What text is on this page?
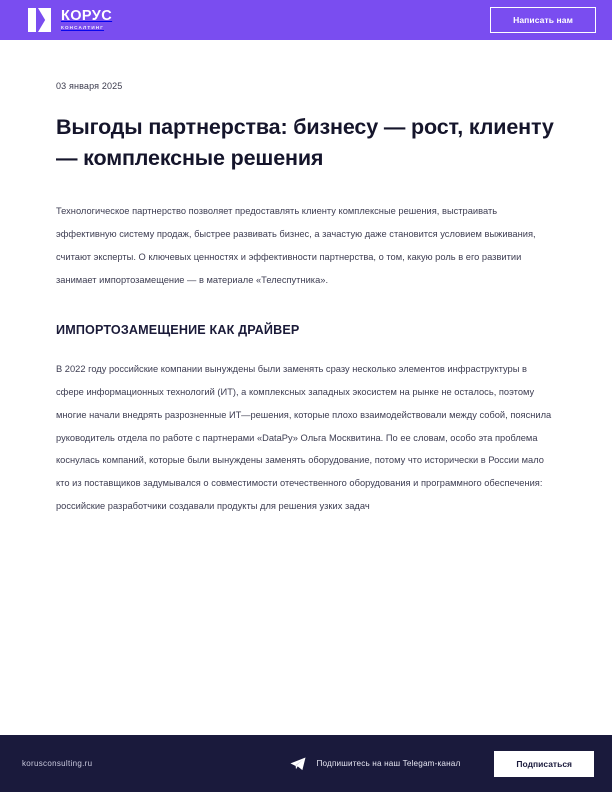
КОРУС
КОНСАЛТИНГ
Написать нам
03 января 2025
Выгоды партнерства: бизнесу — рост, клиенту — комплексные решения

Технологическое партнерство позволяет предоставлять клиенту комплексные решения, выстраивать эффективную систему продаж, быстрее развивать бизнес, а зачастую даже становится условием выживания, считают эксперты. О ключевых ценностях и эффективности партнерства, о том, какую роль в его развитии занимает импортозамещение — в материале «Телеспутника».

ИМПОРТОЗАМЕЩЕНИЕ КАК ДРАЙВЕР

В 2022 году российские компании вынуждены были заменять сразу несколько элементов инфраструктуры в сфере информационных технологий (ИТ), а комплексных западных экосистем на рынке не осталось, поэтому многие начали внедрять разрозненные ИТ—решения, которые плохо взаимодействовали между собой, пояснила руководитель отдела по работе с партнерами «DataРу» Ольга Москвитина. По ее словам, особо эта проблема коснулась компаний, которые были вынуждены заменять оборудование, потому что исторически в России мало кто из поставщиков задумывался о совместимости отечественного оборудования и программного обеспечения: российские разработчики создавали продукты для решения узких задач

korusconsulting.ru	Подпишитесь на наш Telegam-канал	Подписаться
